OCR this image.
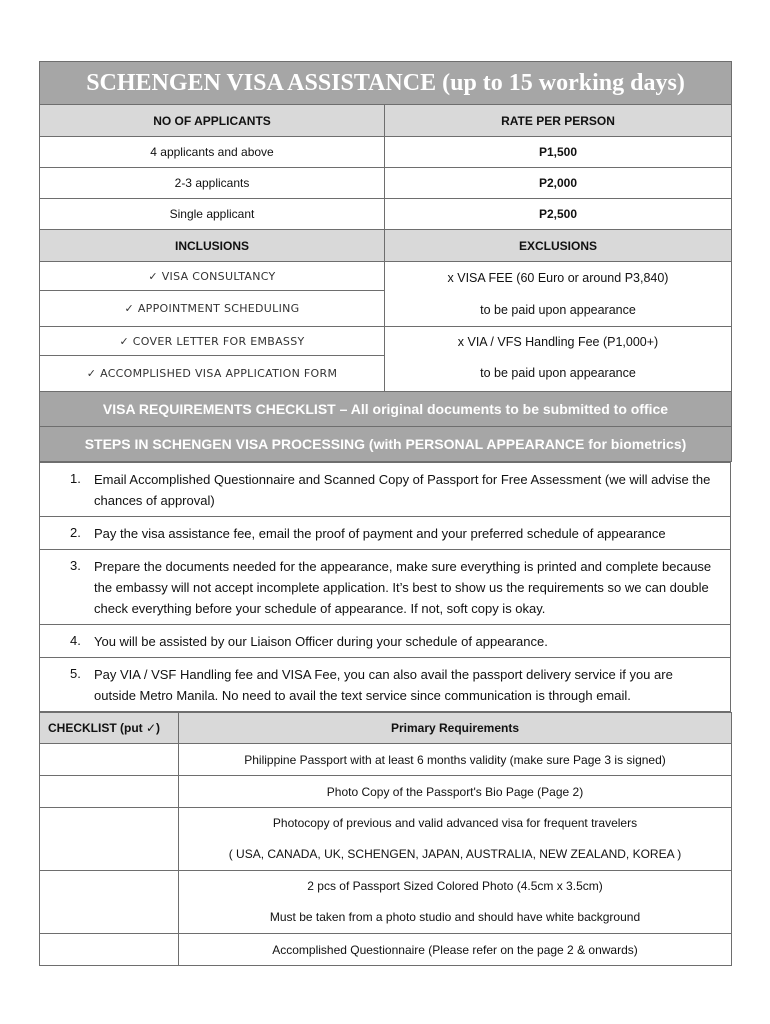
SCHENGEN VISA ASSISTANCE (up to 15 working days)	
NO OF APPLICANTS	RATE PER PERSON
4 applicants and above	P1,500
2-3 applicants	P2,000
Single applicant	P2,500
INCLUSIONS	EXCLUSIONS
✓ VISA CONSULTANCY	x VISA FEE (60 Euro or around P3,840)
to be paid upon appearance

✓ APPOINTMENT SCHEDULING	
✓ COVER LETTER FOR EMBASSY	x VIA / VFS Handling Fee (P1,000+)
to be paid upon appearance

✓ ACCOMPLISHED VISA APPLICATION FORM	
VISA REQUIREMENTS CHECKLIST – All original documents to be submitted to office	
STEPS IN SCHENGEN VISA PROCESSING (with PERSONAL APPEARANCE for biometrics)	
1.	Email Accomplished Questionnaire and Scanned Copy of Passport for Free Assessment (we will advise the chances of approval)

2.	Pay the visa assistance fee, email the proof of payment and your preferred schedule of appearance

3.	Prepare the documents needed for the appearance, make sure everything is printed and complete because the embassy will not accept incomplete application. It’s best to show us the requirements so we can double check everything before your schedule of appearance. If not, soft copy is okay.

4.	You will be assisted by our Liaison Officer during your schedule of appearance.

5.	Pay VIA / VSF Handling fee and VISA Fee, you can also avail the passport delivery service if you are outside Metro Manila. No need to avail the text service since communication is through email.
CHECKLIST (put ✓)	Primary Requirements
	Philippine Passport with at least 6 months validity (make sure Page 3 is signed)
	Photo Copy of the Passport's Bio Page (Page 2)

	Photocopy of previous and valid advanced visa for frequent travelers
( USA, CANADA, UK, SCHENGEN, JAPAN, AUSTRALIA, NEW ZEALAND, KOREA )

	2 pcs of Passport Sized Colored Photo (4.5cm x 3.5cm)
Must be taken from a photo studio and should have white background

	Accomplished Questionnaire (Please refer on the page 2 & onwards)
